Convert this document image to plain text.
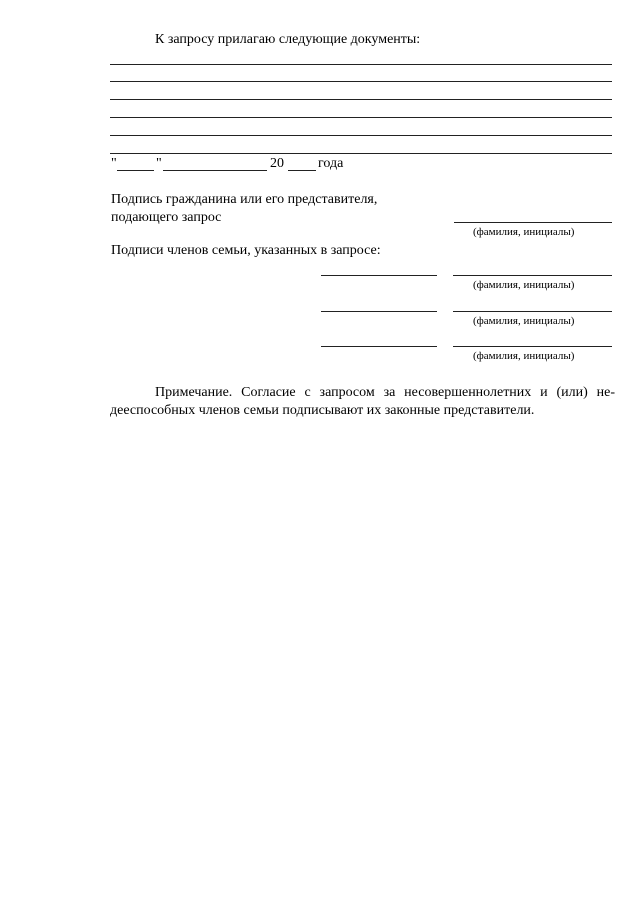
К запросу прилагаю следующие документы:
"	"	20 года
Подпись гражданина или его представителя,
подающего запрос
(фамилия, инициалы)
Подписи членов семьи, указанных в запросе:
(фамилия, инициалы)
(фамилия, инициалы)
(фамилия, инициалы)
Примечание. Согласие с запросом за несовершеннолетних и (или) не-дееспособных членов семьи подписывают их законные представители.
